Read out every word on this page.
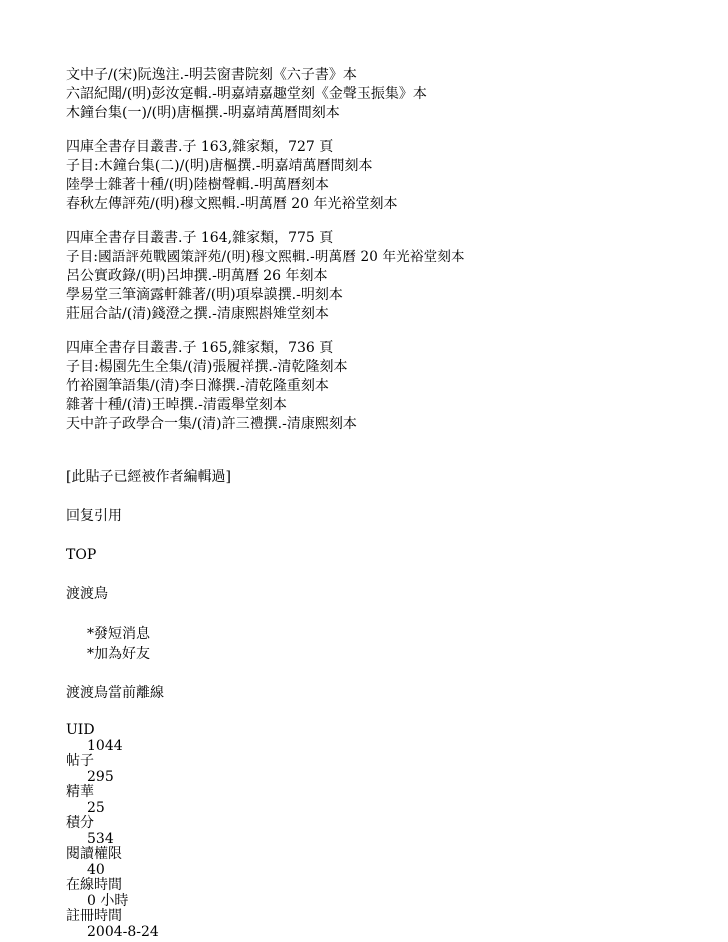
文中子/(宋)阮逸注.-明芸窗書院刻《六子書》本
六詔紀聞/(明)彭汝寔輯.-明嘉靖嘉趣堂刻《金聲玉振集》本
木鐘台集(一)/(明)唐樞撰.-明嘉靖萬曆間刻本
四庫全書存目叢書.子 163,雜家類，727 頁
子目:木鐘台集(二)/(明)唐樞撰.-明嘉靖萬曆間刻本
陸學士雜著十種/(明)陸樹聲輯.-明萬曆刻本
春秋左傳評苑/(明)穆文熙輯.-明萬曆 20 年光裕堂刻本
四庫全書存目叢書.子 164,雜家類，775 頁
子目:國語評苑戰國策評苑/(明)穆文熙輯.-明萬曆 20 年光裕堂刻本
呂公實政錄/(明)呂坤撰.-明萬曆 26 年刻本
學易堂三筆滴露軒雜著/(明)項皋謨撰.-明刻本
莊屈合詁/(清)錢澄之撰.-清康熙斟雉堂刻本
四庫全書存目叢書.子 165,雜家類，736 頁
子目:楊園先生全集/(清)張履祥撰.-清乾隆刻本
竹裕園筆語集/(清)李日滌撰.-清乾隆重刻本
雜著十種/(清)王晫撰.-清霞舉堂刻本
天中許子政學合一集/(清)許三禮撰.-清康熙刻本
[此貼子已經被作者編輯過]
回复引用
TOP
渡渡鳥
*發短消息
*加為好友
渡渡鳥當前離線
UID
1044
帖子
295
精華
25
積分
534
閱讀權限
40
在線時間
0 小時
註冊時間
2004-8-24
